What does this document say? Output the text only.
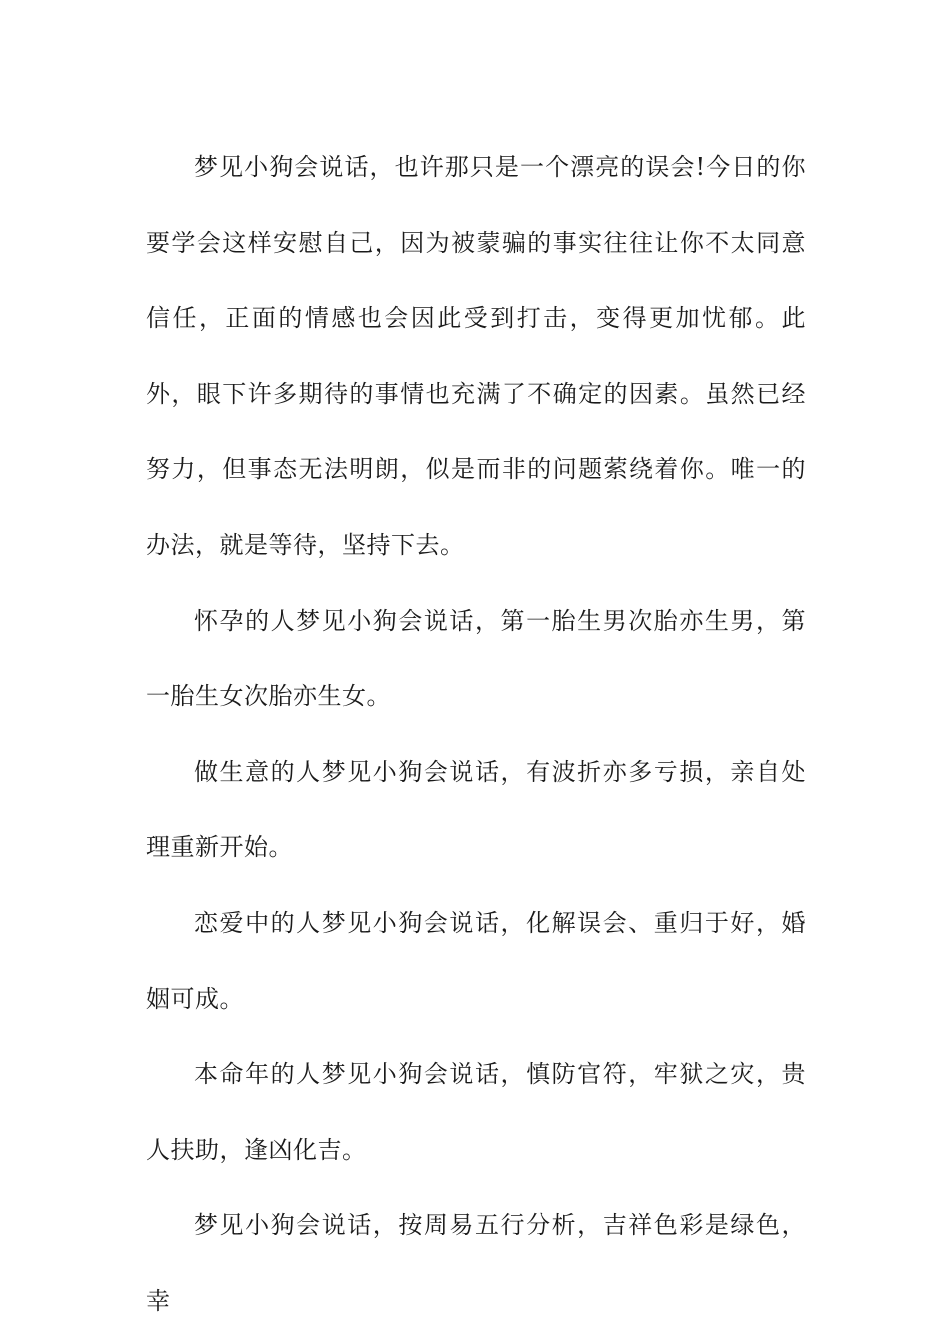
梦见小狗会说话，也许那只是一个漂亮的误会!今日的你要学会这样安慰自己，因为被蒙骗的事实往往让你不太同意信任，正面的情感也会因此受到打击，变得更加忧郁。此外，眼下许多期待的事情也充满了不确定的因素。虽然已经努力，但事态无法明朗，似是而非的问题萦绕着你。唯一的办法，就是等待，坚持下去。

怀孕的人梦见小狗会说话，第一胎生男次胎亦生男，第一胎生女次胎亦生女。

做生意的人梦见小狗会说话，有波折亦多亏损，亲自处理重新开始。

恋爱中的人梦见小狗会说话，化解误会、重归于好，婚姻可成。

本命年的人梦见小狗会说话，慎防官符，牢狱之灾，贵人扶助，逢凶化吉。

梦见小狗会说话，按周易五行分析，吉祥色彩是绿色，幸
